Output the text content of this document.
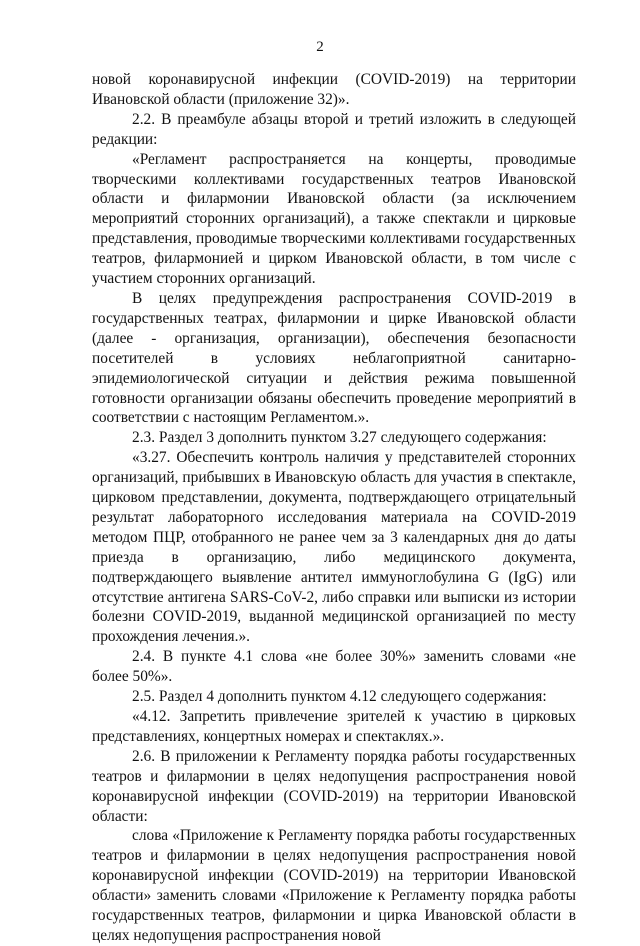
2

новой коронавирусной инфекции (COVID-2019) на территории Ивановской области (приложение 32)».

2.2. В преамбуле абзацы второй и третий изложить в следующей редакции:

«Регламент распространяется на концерты, проводимые творческими коллективами государственных театров Ивановской области и филармонии Ивановской области (за исключением мероприятий сторонних организаций), а также спектакли и цирковые представления, проводимые творческими коллективами государственных театров, филармонией и цирком Ивановской области, в том числе с участием сторонних организаций.

В целях предупреждения распространения COVID-2019 в государственных театрах, филармонии и цирке Ивановской области (далее - организация, организации), обеспечения безопасности посетителей в условиях неблагоприятной санитарно-эпидемиологической ситуации и действия режима повышенной готовности организации обязаны обеспечить проведение мероприятий в соответствии с настоящим Регламентом.».

2.3. Раздел 3 дополнить пунктом 3.27 следующего содержания:

«3.27. Обеспечить контроль наличия у представителей сторонних организаций, прибывших в Ивановскую область для участия в спектакле, цирковом представлении, документа, подтверждающего отрицательный результат лабораторного исследования материала на COVID-2019 методом ПЦР, отобранного не ранее чем за 3 календарных дня до даты приезда в организацию, либо медицинского документа, подтверждающего выявление антител иммуноглобулина G (IgG) или отсутствие антигена SARS-CoV-2, либо справки или выписки из истории болезни COVID-2019, выданной медицинской организацией по месту прохождения лечения.».

2.4. В пункте 4.1 слова «не более 30%» заменить словами «не более 50%».

2.5. Раздел 4 дополнить пунктом 4.12 следующего содержания:

«4.12. Запретить привлечение зрителей к участию в цирковых представлениях, концертных номерах и спектаклях.».

2.6. В приложении к Регламенту порядка работы государственных театров и филармонии в целях недопущения распространения новой коронавирусной инфекции (COVID-2019) на территории Ивановской области:

слова «Приложение к Регламенту порядка работы государственных театров и филармонии в целях недопущения распространения новой коронавирусной инфекции (COVID-2019) на территории Ивановской области» заменить словами «Приложение к Регламенту порядка работы государственных театров, филармонии и цирка Ивановской области в целях недопущения распространения новой
